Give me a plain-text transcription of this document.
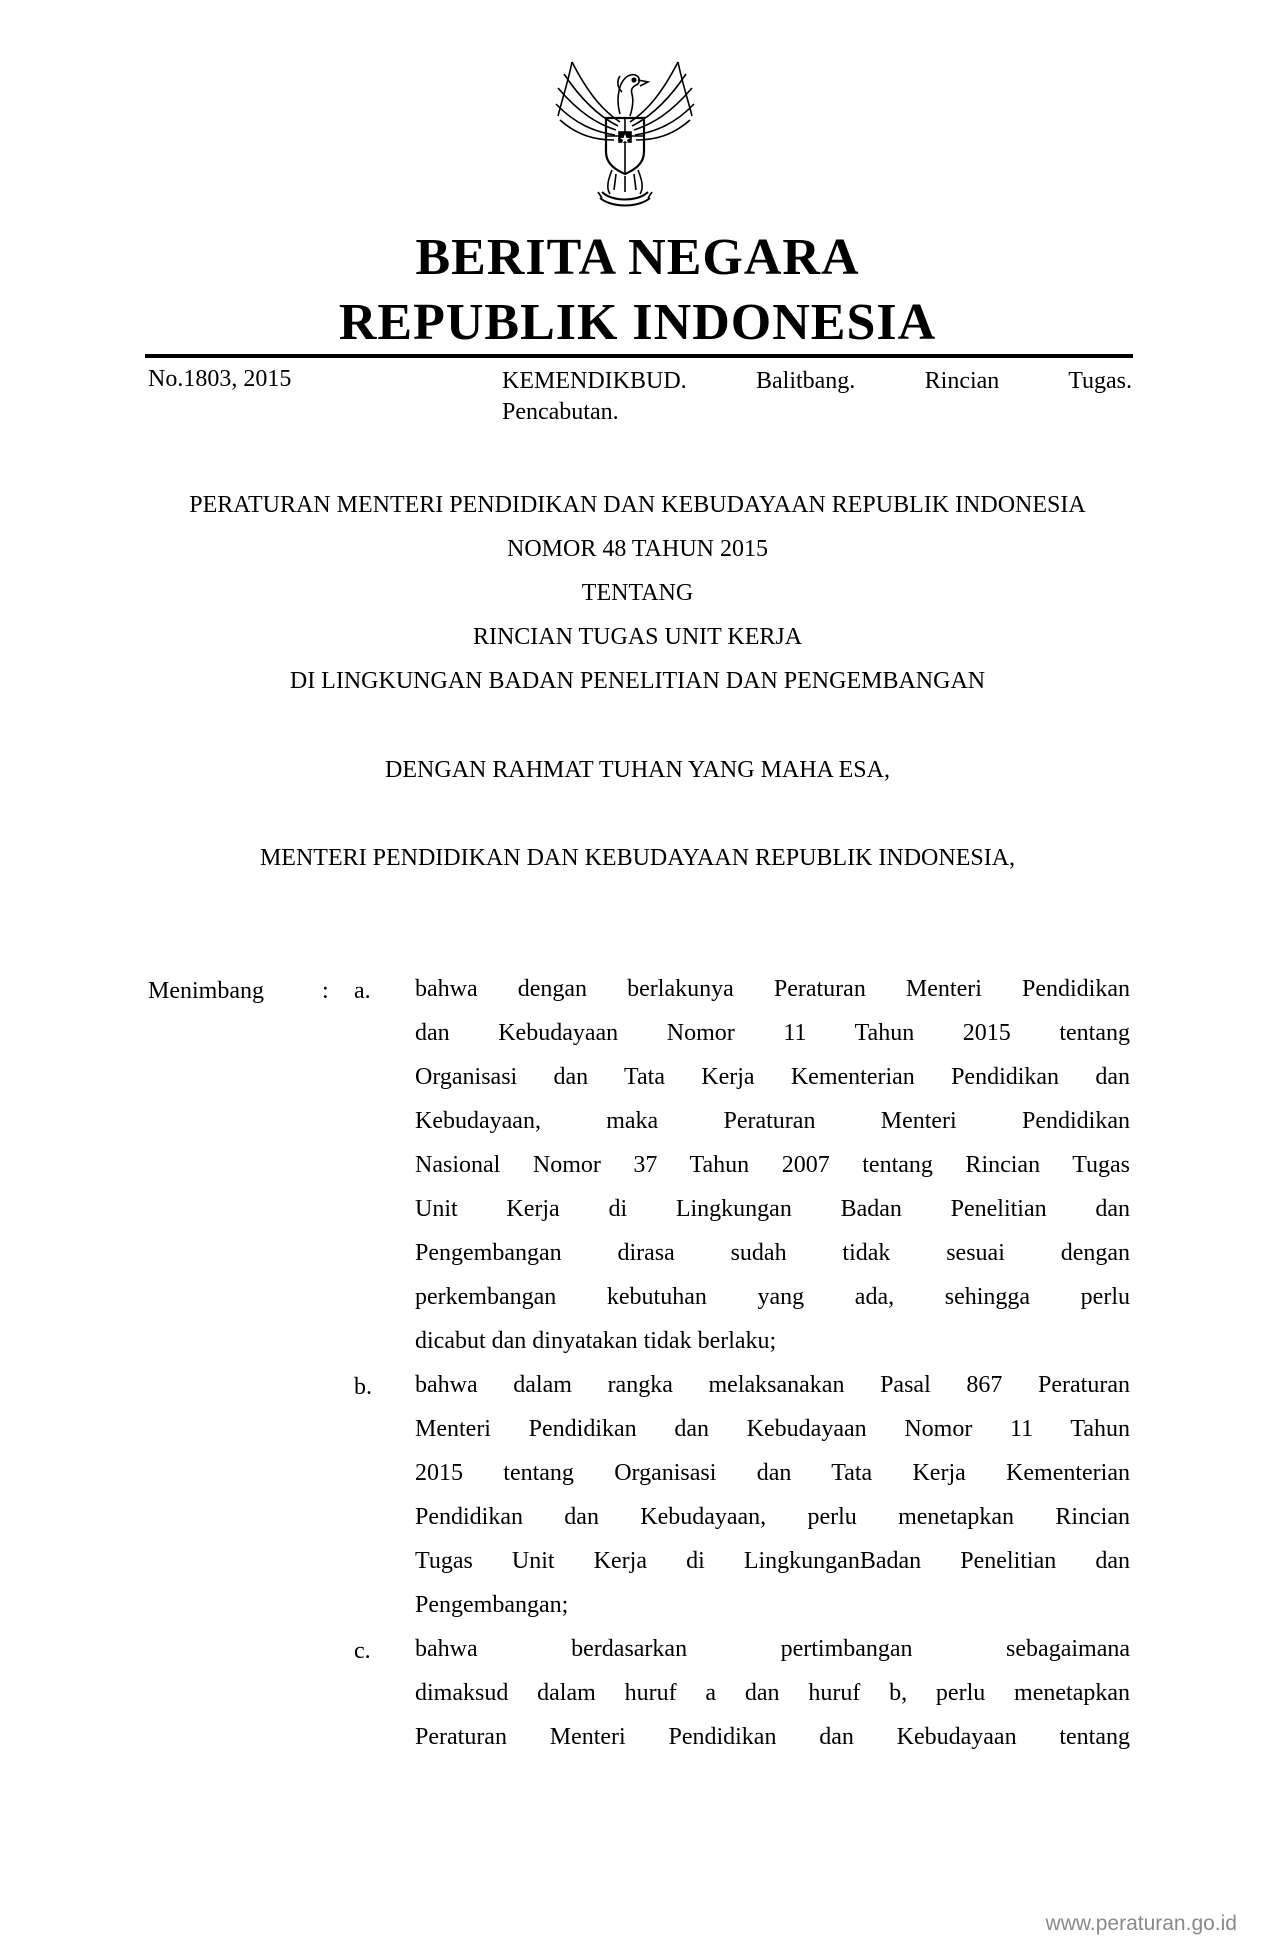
BERITA NEGARA
REPUBLIK INDONESIA
No.1803, 2015	KEMENDIKBUD.	Balitbang.	Rincian	Tugas.
Pencabutan.
PERATURAN MENTERI PENDIDIKAN DAN KEBUDAYAAN REPUBLIK INDONESIA
NOMOR 48 TAHUN 2015
TENTANG
RINCIAN TUGAS UNIT KERJA
DI LINGKUNGAN BADAN PENELITIAN DAN PENGEMBANGAN
DENGAN RAHMAT TUHAN YANG MAHA ESA,
MENTERI PENDIDIKAN DAN KEBUDAYAAN REPUBLIK INDONESIA,
Menimbang : a. bahwa dengan berlakunya Peraturan Menteri Pendidikan
dan Kebudayaan Nomor 11 Tahun 2015 tentang
Organisasi dan Tata Kerja Kementerian Pendidikan dan
Kebudayaan, maka Peraturan Menteri Pendidikan
Nasional Nomor 37 Tahun 2007 tentang Rincian Tugas
Unit Kerja di Lingkungan Badan Penelitian dan
Pengembangan dirasa sudah tidak sesuai dengan
perkembangan kebutuhan yang ada, sehingga perlu
dicabut dan dinyatakan tidak berlaku;
b. bahwa dalam rangka melaksanakan Pasal 867 Peraturan
Menteri Pendidikan dan Kebudayaan Nomor 11 Tahun
2015 tentang Organisasi dan Tata Kerja Kementerian
Pendidikan dan Kebudayaan, perlu menetapkan Rincian
Tugas Unit Kerja di LingkunganBadan Penelitian dan
Pengembangan;
c. bahwa berdasarkan pertimbangan sebagaimana
dimaksud dalam huruf a dan huruf b, perlu menetapkan
Peraturan Menteri Pendidikan dan Kebudayaan tentang
www.peraturan.go.id
